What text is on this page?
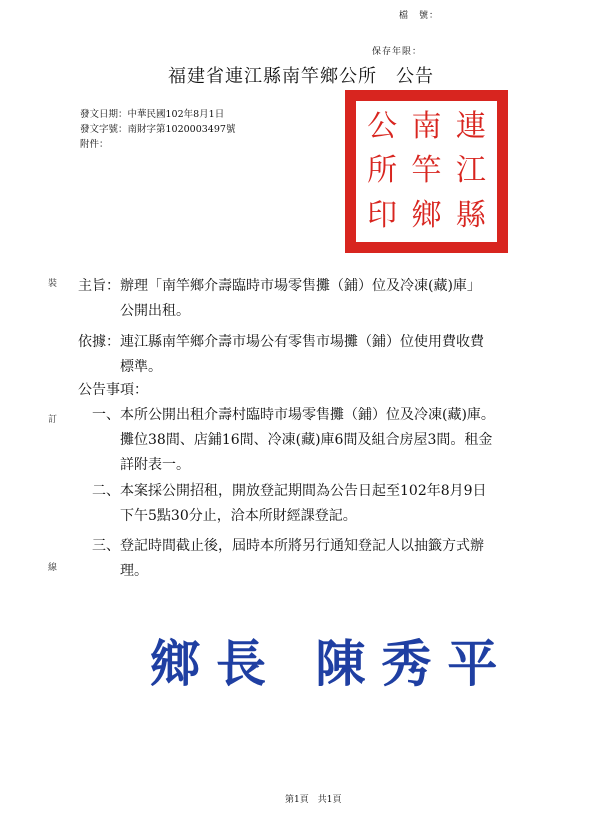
檔　號：
保存年限：
福建省連江縣南竿鄉公所　公告
發文日期：中華民國102年8月1日
發文字號：南財字第1020003497號
附件：
連
江
縣
南
竿
鄉
公
所
印
裝
訂
線
主旨： 辦理「南竿鄉介壽臨時市場零售攤（鋪）位及冷凍(藏)庫」
公開出租。
依據： 連江縣南竿鄉介壽市場公有零售市場攤（鋪）位使用費收費
標準。
公告事項：
一、 本所公開出租介壽村臨時市場零售攤（鋪）位及冷凍(藏)庫。
攤位38間、店鋪16間、冷凍(藏)庫6間及組合房屋3間。租金
詳附表一。
二、 本案採公開招租，開放登記期間為公告日起至102年8月9日
下午5點30分止，洽本所財經課登記。
三、 登記時間截止後，屆時本所將另行通知登記人以抽籤方式辦
理。
鄉長 陳秀平
第1頁　共1頁
